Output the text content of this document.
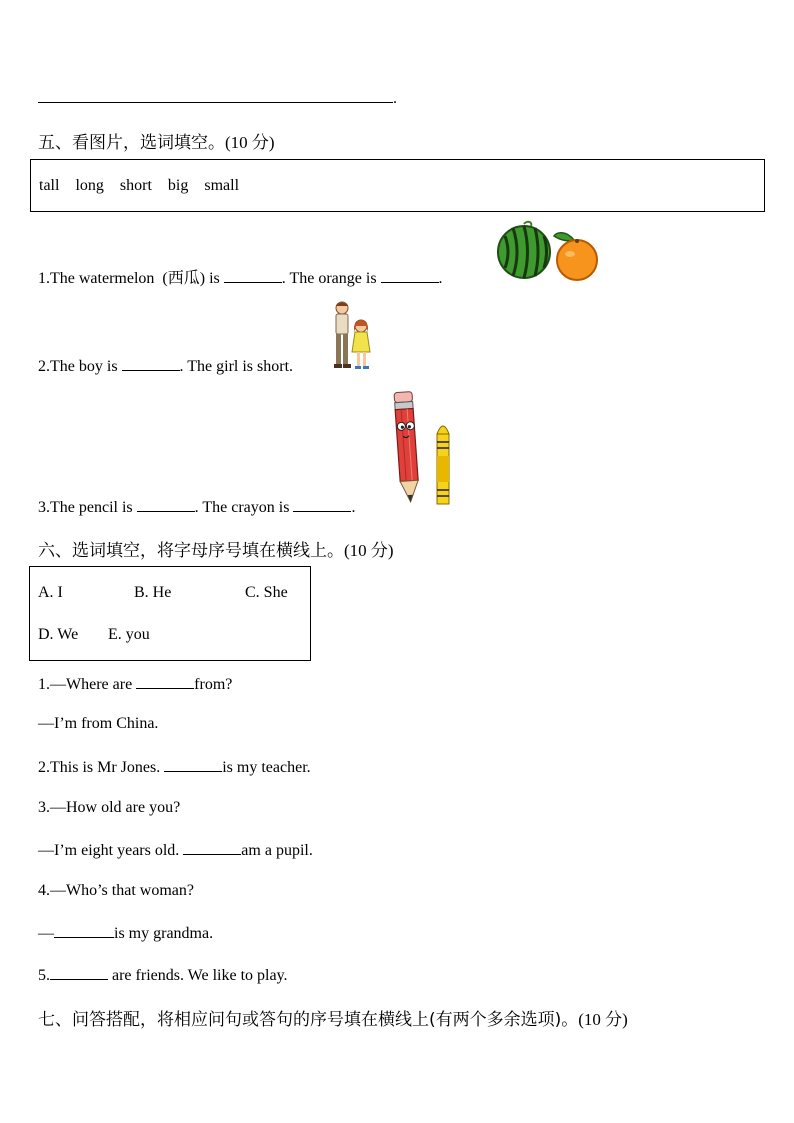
.
五、看图片，选词填空。(10 分)
tall long short big small
1.The watermelon (西瓜) is	. The orange is	.
2.The boy is	. The girl is short.
3.The pencil is	. The crayon is	.
六、选词填空，将字母序号填在横线上。(10 分)
A. I	B. He	C. She
D. We E. you
1.—Where are	from?
—I’m from China.
2.This is Mr Jones.	is my teacher.
3.—How old are you?
—I’m eight years old.	am a pupil.
4.—Who’s that woman?
—	is my grandma.
5.	are friends. We like to play.
七、问答搭配，将相应问句或答句的序号填在横线上(有两个多余选项)。(10 分)
